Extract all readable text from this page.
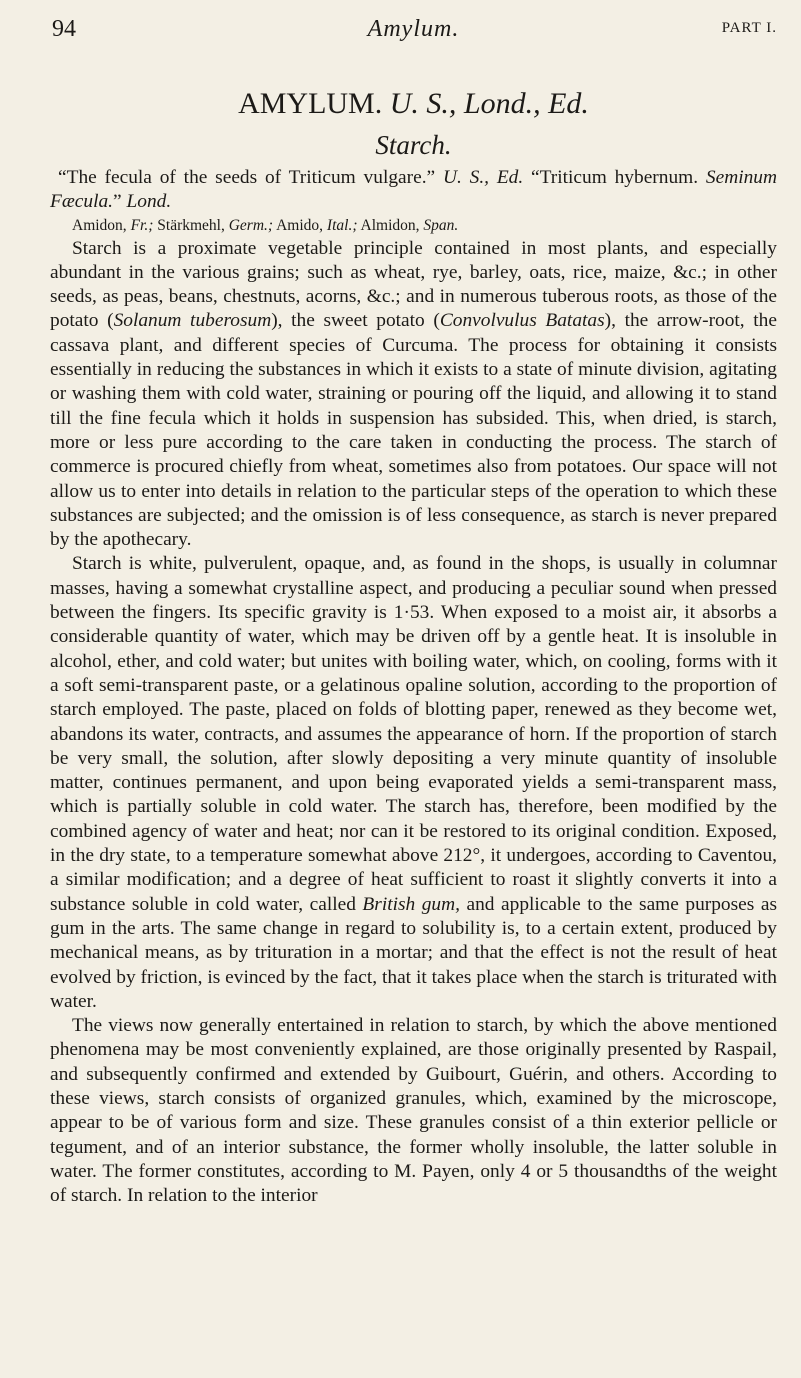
94	Amylum.	PART I.
AMYLUM. U. S., Lond., Ed.
Starch.
“The fecula of the seeds of Triticum vulgare.” U. S., Ed. “Triticum hybernum. Seminum Fæcula.” Lond.
Amidon, Fr.; Stärkmehl, Germ.; Amido, Ital.; Almidon, Span.

Starch is a proximate vegetable principle contained in most plants, and especially abundant in the various grains; such as wheat, rye, barley, oats, rice, maize, &c.; in other seeds, as peas, beans, chestnuts, acorns, &c.; and in numerous tuberous roots, as those of the potato (Solanum tuberosum), the sweet potato (Convolvulus Batatas), the arrow-root, the cassava plant, and different species of Curcuma. The process for obtaining it consists essentially in reducing the substances in which it exists to a state of minute division, agitating or washing them with cold water, straining or pouring off the liquid, and allowing it to stand till the fine fecula which it holds in suspension has subsided. This, when dried, is starch, more or less pure according to the care taken in conducting the process. The starch of commerce is procured chiefly from wheat, sometimes also from potatoes. Our space will not allow us to enter into details in relation to the particular steps of the operation to which these substances are subjected; and the omission is of less consequence, as starch is never prepared by the apothecary.

Starch is white, pulverulent, opaque, and, as found in the shops, is usually in columnar masses, having a somewhat crystalline aspect, and producing a peculiar sound when pressed between the fingers. Its specific gravity is 1·53. When exposed to a moist air, it absorbs a considerable quantity of water, which may be driven off by a gentle heat. It is insoluble in alcohol, ether, and cold water; but unites with boiling water, which, on cooling, forms with it a soft semi-transparent paste, or a gelatinous opaline solution, according to the proportion of starch employed. The paste, placed on folds of blotting paper, renewed as they become wet, abandons its water, contracts, and assumes the appearance of horn. If the proportion of starch be very small, the solution, after slowly depositing a very minute quantity of insoluble matter, continues permanent, and upon being evaporated yields a semi-transparent mass, which is partially soluble in cold water. The starch has, therefore, been modified by the combined agency of water and heat; nor can it be restored to its original condition. Exposed, in the dry state, to a temperature somewhat above 212°, it undergoes, according to Caventou, a similar modification; and a degree of heat sufficient to roast it slightly converts it into a substance soluble in cold water, called British gum, and applicable to the same purposes as gum in the arts. The same change in regard to solubility is, to a certain extent, produced by mechanical means, as by trituration in a mortar; and that the effect is not the result of heat evolved by friction, is evinced by the fact, that it takes place when the starch is triturated with water.

The views now generally entertained in relation to starch, by which the above mentioned phenomena may be most conveniently explained, are those originally presented by Raspail, and subsequently confirmed and extended by Guibourt, Guérin, and others. According to these views, starch consists of organized granules, which, examined by the microscope, appear to be of various form and size. These granules consist of a thin exterior pellicle or tegument, and of an interior substance, the former wholly insoluble, the latter soluble in water. The former constitutes, according to M. Payen, only 4 or 5 thousandths of the weight of starch. In relation to the interior
